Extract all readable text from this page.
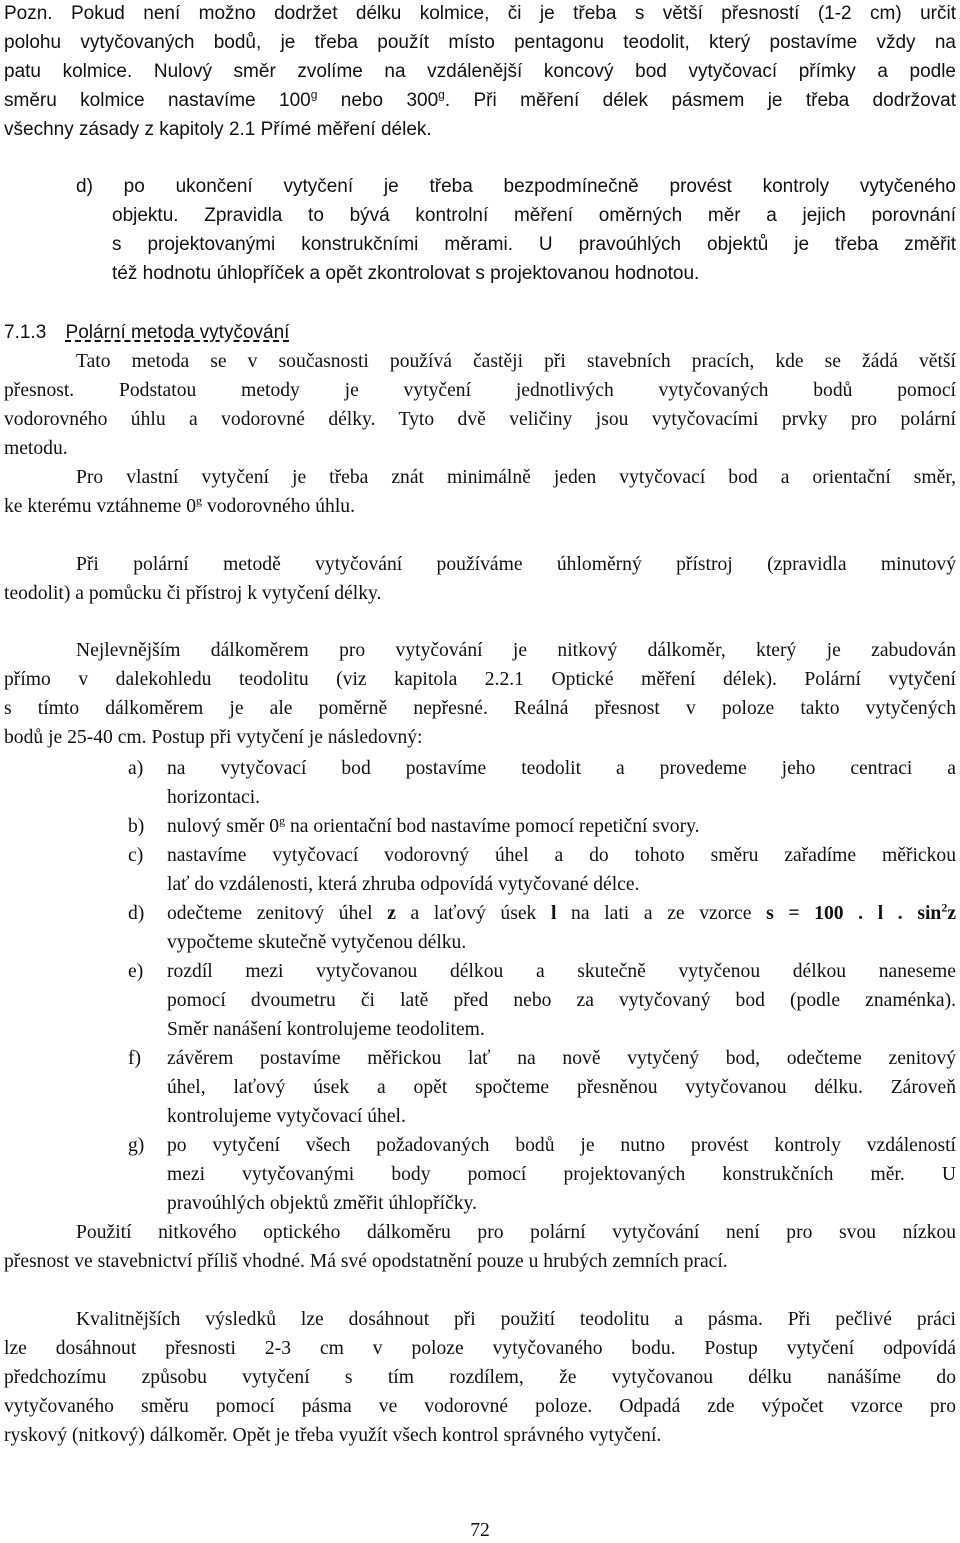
Pozn. Pokud není možno dodržet délku kolmice, či je třeba s větší přesností (1-2 cm) určit
polohu vytyčovaných bodů, je třeba použít místo pentagonu teodolit, který postavíme vždy na
patu kolmice. Nulový směr zvolíme na vzdálenější koncový bod vytyčovací přímky a podle
směru kolmice nastavíme 100$^g$ nebo 300$^g$. Při měření délek pásmem je třeba dodržovat
všechny zásady z kapitoly 2.1 Přímé měření délek.
d) po ukončení vytyčení je třeba bezpodmínečně provést kontroly vytyčeného
objektu. Zpravidla to bývá kontrolní měření oměrných měr a jejich porovnání
s projektovanými konstrukčními měrami. U pravoúhlých objektů je třeba změřit
též hodnotu úhlopříček a opět zkontrolovat s projektovanou hodnotou.
7.1.3 Polární metoda vytyčování
Tato metoda se v současnosti používá častěji při stavebních pracích, kde se žádá větší
přesnost. Podstatou metody je vytyčení jednotlivých vytyčovaných bodů pomocí
vodorovného úhlu a vodorovné délky. Tyto dvě veličiny jsou vytyčovacími prvky pro polární
metodu.
Pro vlastní vytyčení je třeba znát minimálně jeden vytyčovací bod a orientační směr,
ke kterému vztáhneme 0$^g$ vodorovného úhlu.
Při polární metodě vytyčování používáme úhloměrný přístroj (zpravidla minutový
teodolit) a pomůcku či přístroj k vytyčení délky.
Nejlevnějším dálkoměrem pro vytyčování je nitkový dálkoměr, který je zabudován
přímo v dalekohledu teodolitu (viz kapitola 2.2.1 Optické měření délek). Polární vytyčení
s tímto dálkoměrem je ale poměrně nepřesné. Reálná přesnost v poloze takto vytyčených
bodů je 25-40 cm. Postup při vytyčení je následovný:
a) na vytyčovací bod postavíme teodolit a provedeme jeho centraci a
horizontaci.
b) nulový směr 0$^g$ na orientační bod nastavíme pomocí repetiční svory.
c) nastavíme vytyčovací vodorovný úhel a do tohoto směru zařadíme měřickou
lať do vzdálenosti, která zhruba odpovídá vytyčované délce.
d) odečteme zenitový úhel z a laťový úsek l na lati a ze vzorce s = 100 . l . $\sin^2z$
vypočteme skutečně vytyčenou délku.
e) rozdíl mezi vytyčovanou délkou a skutečně vytyčenou délkou naneseme
pomocí dvoumetru či latě před nebo za vytyčovaný bod (podle znaménka).
Směr nanášení kontrolujeme teodolitem.
f) závěrem postavíme měřickou lať na nově vytyčený bod, odečteme zenitový
úhel, laťový úsek a opět spočteme přesněnou vytyčovanou délku. Zároveň
kontrolujeme vytyčovací úhel.
g) po vytyčení všech požadovaných bodů je nutno provést kontroly vzdáleností
mezi vytyčovanými body pomocí projektovaných konstrukčních měr. U
pravoúhlých objektů změřit úhlopříčky.
Použití nitkového optického dálkoměru pro polární vytyčování není pro svou nízkou
přesnost ve stavebnictví příliš vhodné. Má své opodstatnění pouze u hrubých zemních prací.
Kvalitnějších výsledků lze dosáhnout při použití teodolitu a pásma. Při pečlivé práci
lze dosáhnout přesnosti 2-3 cm v poloze vytyčovaného bodu. Postup vytyčení odpovídá
předchozímu způsobu vytyčení s tím rozdílem, že vytyčovanou délku nanášíme do
vytyčovaného směru pomocí pásma ve vodorovné poloze. Odpadá zde výpočet vzorce pro
ryskový (nitkový) dálkoměr. Opět je třeba využít všech kontrol správného vytyčení.
72
